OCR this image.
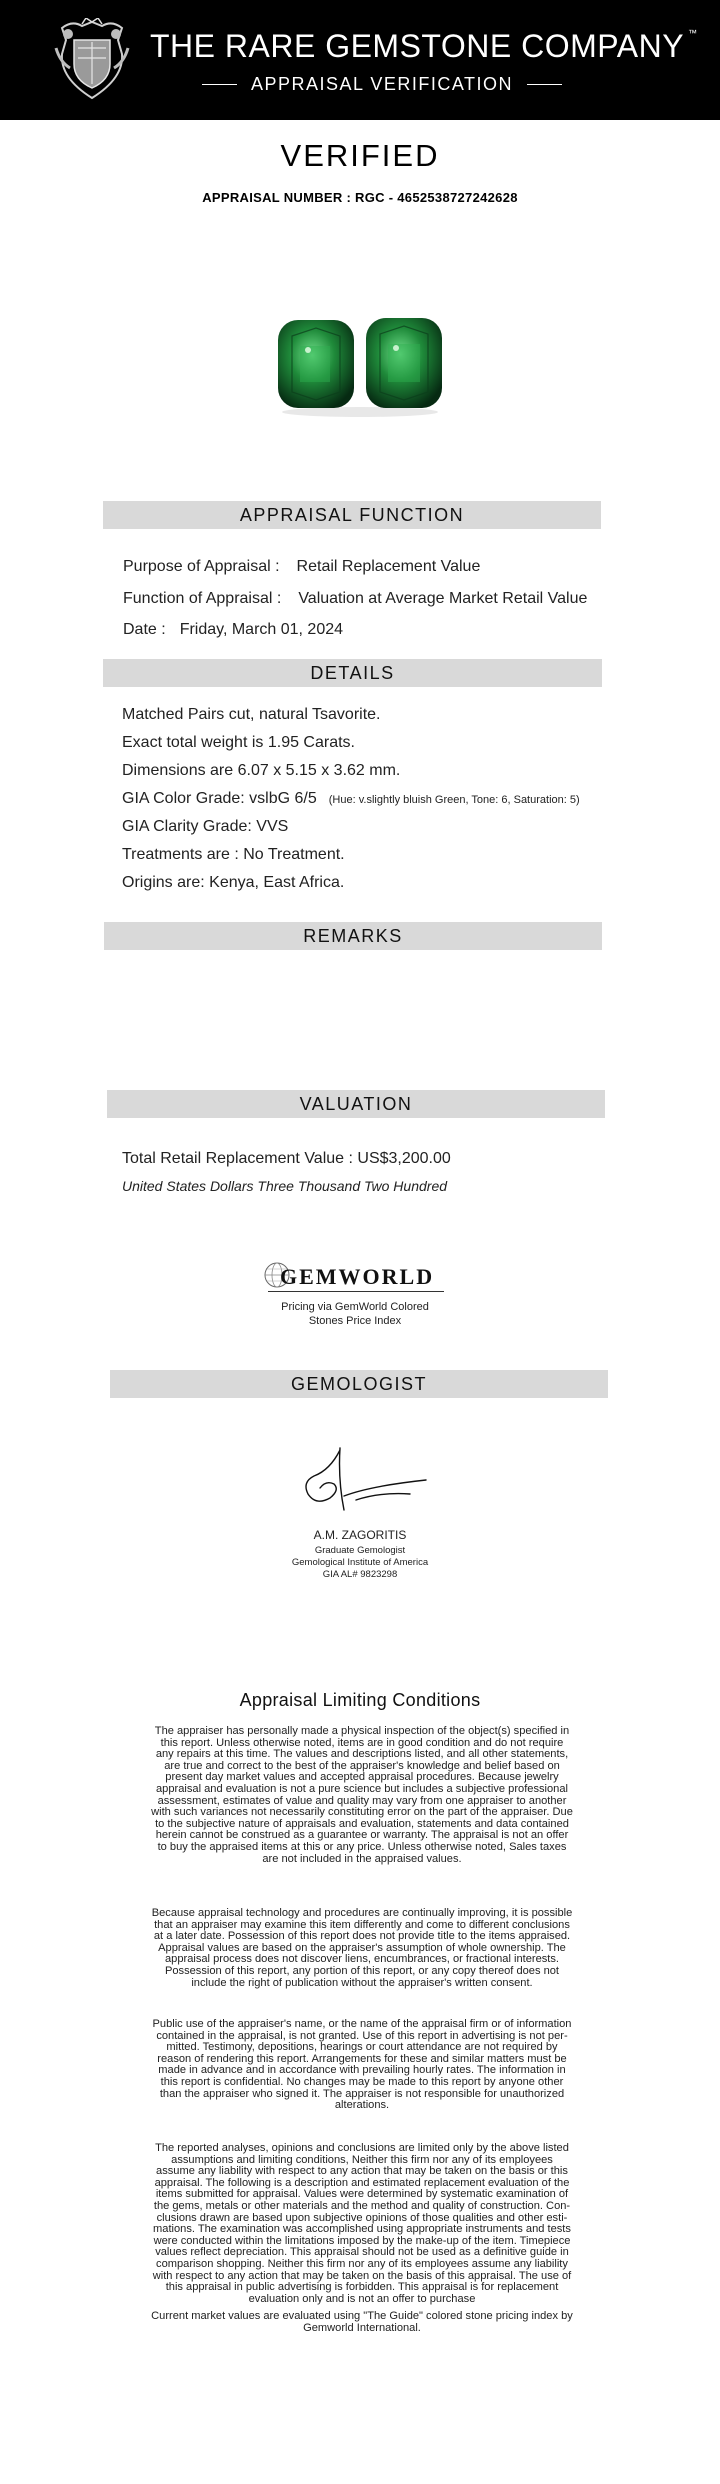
THE RARE GEMSTONE COMPANY ™
APPRAISAL VERIFICATION
VERIFIED
APPRAISAL NUMBER : RGC - 4652538727242628
APPRAISAL FUNCTION
Purpose of Appraisal : Retail Replacement Value
Function of Appraisal : Valuation at Average Market Retail Value
Date : Friday, March 01, 2024
DETAILS
Matched Pairs cut, natural Tsavorite.
Exact total weight is 1.95 Carats.
Dimensions are 6.07 x 5.15 x 3.62 mm.
GIA Color Grade: vslbG 6/5 (Hue: v.slightly bluish Green, Tone: 6, Saturation: 5)
GIA Clarity Grade: VVS
Treatments are : No Treatment.
Origins are: Kenya, East Africa.
REMARKS
VALUATION
Total Retail Replacement Value : US$3,200.00
United States Dollars Three Thousand Two Hundred
GEMWORLD
Pricing via GemWorld Colored
Stones Price Index
GEMOLOGIST
A.M. ZAGORITIS
Graduate Gemologist
Gemological Institute of America
GIA AL# 9823298
Appraisal Limiting Conditions
The appraiser has personally made a physical inspection of the object(s) specified in
this report. Unless otherwise noted, items are in good condition and do not require
any repairs at this time. The values and descriptions listed, and all other statements,
are true and correct to the best of the appraiser's knowledge and belief based on
present day market values and accepted appraisal procedures. Because jewelry
appraisal and evaluation is not a pure science but includes a subjective professional
assessment, estimates of value and quality may vary from one appraiser to another
with such variances not necessarily constituting error on the part of the appraiser. Due
to the subjective nature of appraisals and evaluation, statements and data contained
herein cannot be construed as a guarantee or warranty. The appraisal is not an offer
to buy the appraised items at this or any price. Unless otherwise noted, Sales taxes
are not included in the appraised values.
Because appraisal technology and procedures are continually improving, it is possible
that an appraiser may examine this item differently and come to different conclusions
at a later date. Possession of this report does not provide title to the items appraised.
Appraisal values are based on the appraiser's assumption of whole ownership. The
appraisal process does not discover liens, encumbrances, or fractional interests.
Possession of this report, any portion of this report, or any copy thereof does not
include the right of publication without the appraiser's written consent.
Public use of the appraiser's name, or the name of the appraisal firm or of information
contained in the appraisal, is not granted. Use of this report in advertising is not per-
mitted. Testimony, depositions, hearings or court attendance are not required by
reason of rendering this report. Arrangements for these and similar matters must be
made in advance and in accordance with prevailing hourly rates. The information in
this report is confidential. No changes may be made to this report by anyone other
than the appraiser who signed it. The appraiser is not responsible for unauthorized
alterations.
The reported analyses, opinions and conclusions are limited only by the above listed
assumptions and limiting conditions, Neither this firm nor any of its employees
assume any liability with respect to any action that may be taken on the basis or this
appraisal. The following is a description and estimated replacement evaluation of the
items submitted for appraisal. Values were determined by systematic examination of
the gems, metals or other materials and the method and quality of construction. Con-
clusions drawn are based upon subjective opinions of those qualities and other esti-
mations. The examination was accomplished using appropriate instruments and tests
were conducted within the limitations imposed by the make-up of the item. Timepiece
values reflect depreciation. This appraisal should not be used as a definitive guide in
comparison shopping. Neither this firm nor any of its employees assume any liability
with respect to any action that may be taken on the basis of this appraisal. The use of
this appraisal in public advertising is forbidden. This appraisal is for replacement
evaluation only and is not an offer to purchase
Current market values are evaluated using "The Guide" colored stone pricing index by
Gemworld International.
